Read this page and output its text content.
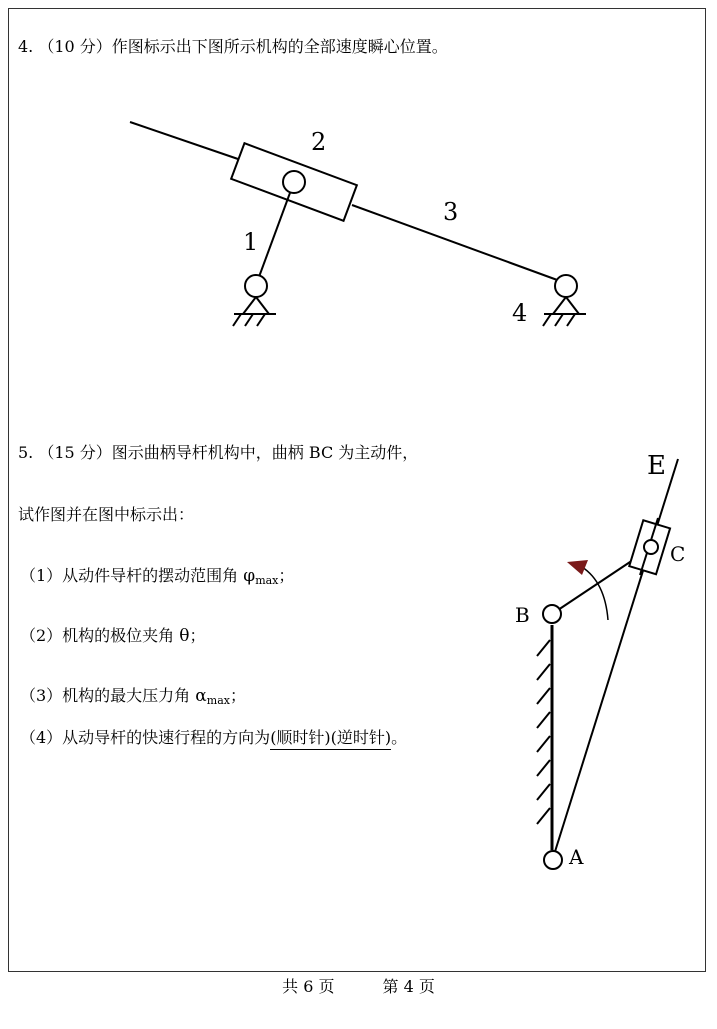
4. （10 分）作图标示出下图所示机构的全部速度瞬心位置。
2
3
1
4
B
A
C
E
5. （15 分）图示曲柄导杆机构中，曲柄 BC 为主动件，
试作图并在图中标示出：
（1）从动件导杆的摆动范围角 $\varphi_{max}$；
（2）机构的极位夹角 θ；
（3）机构的最大压力角 $\alpha_{max}$；
（4）从动导杆的快速行程的方向为(顺时针)(逆时针)。
共 6 页	第 4 页
